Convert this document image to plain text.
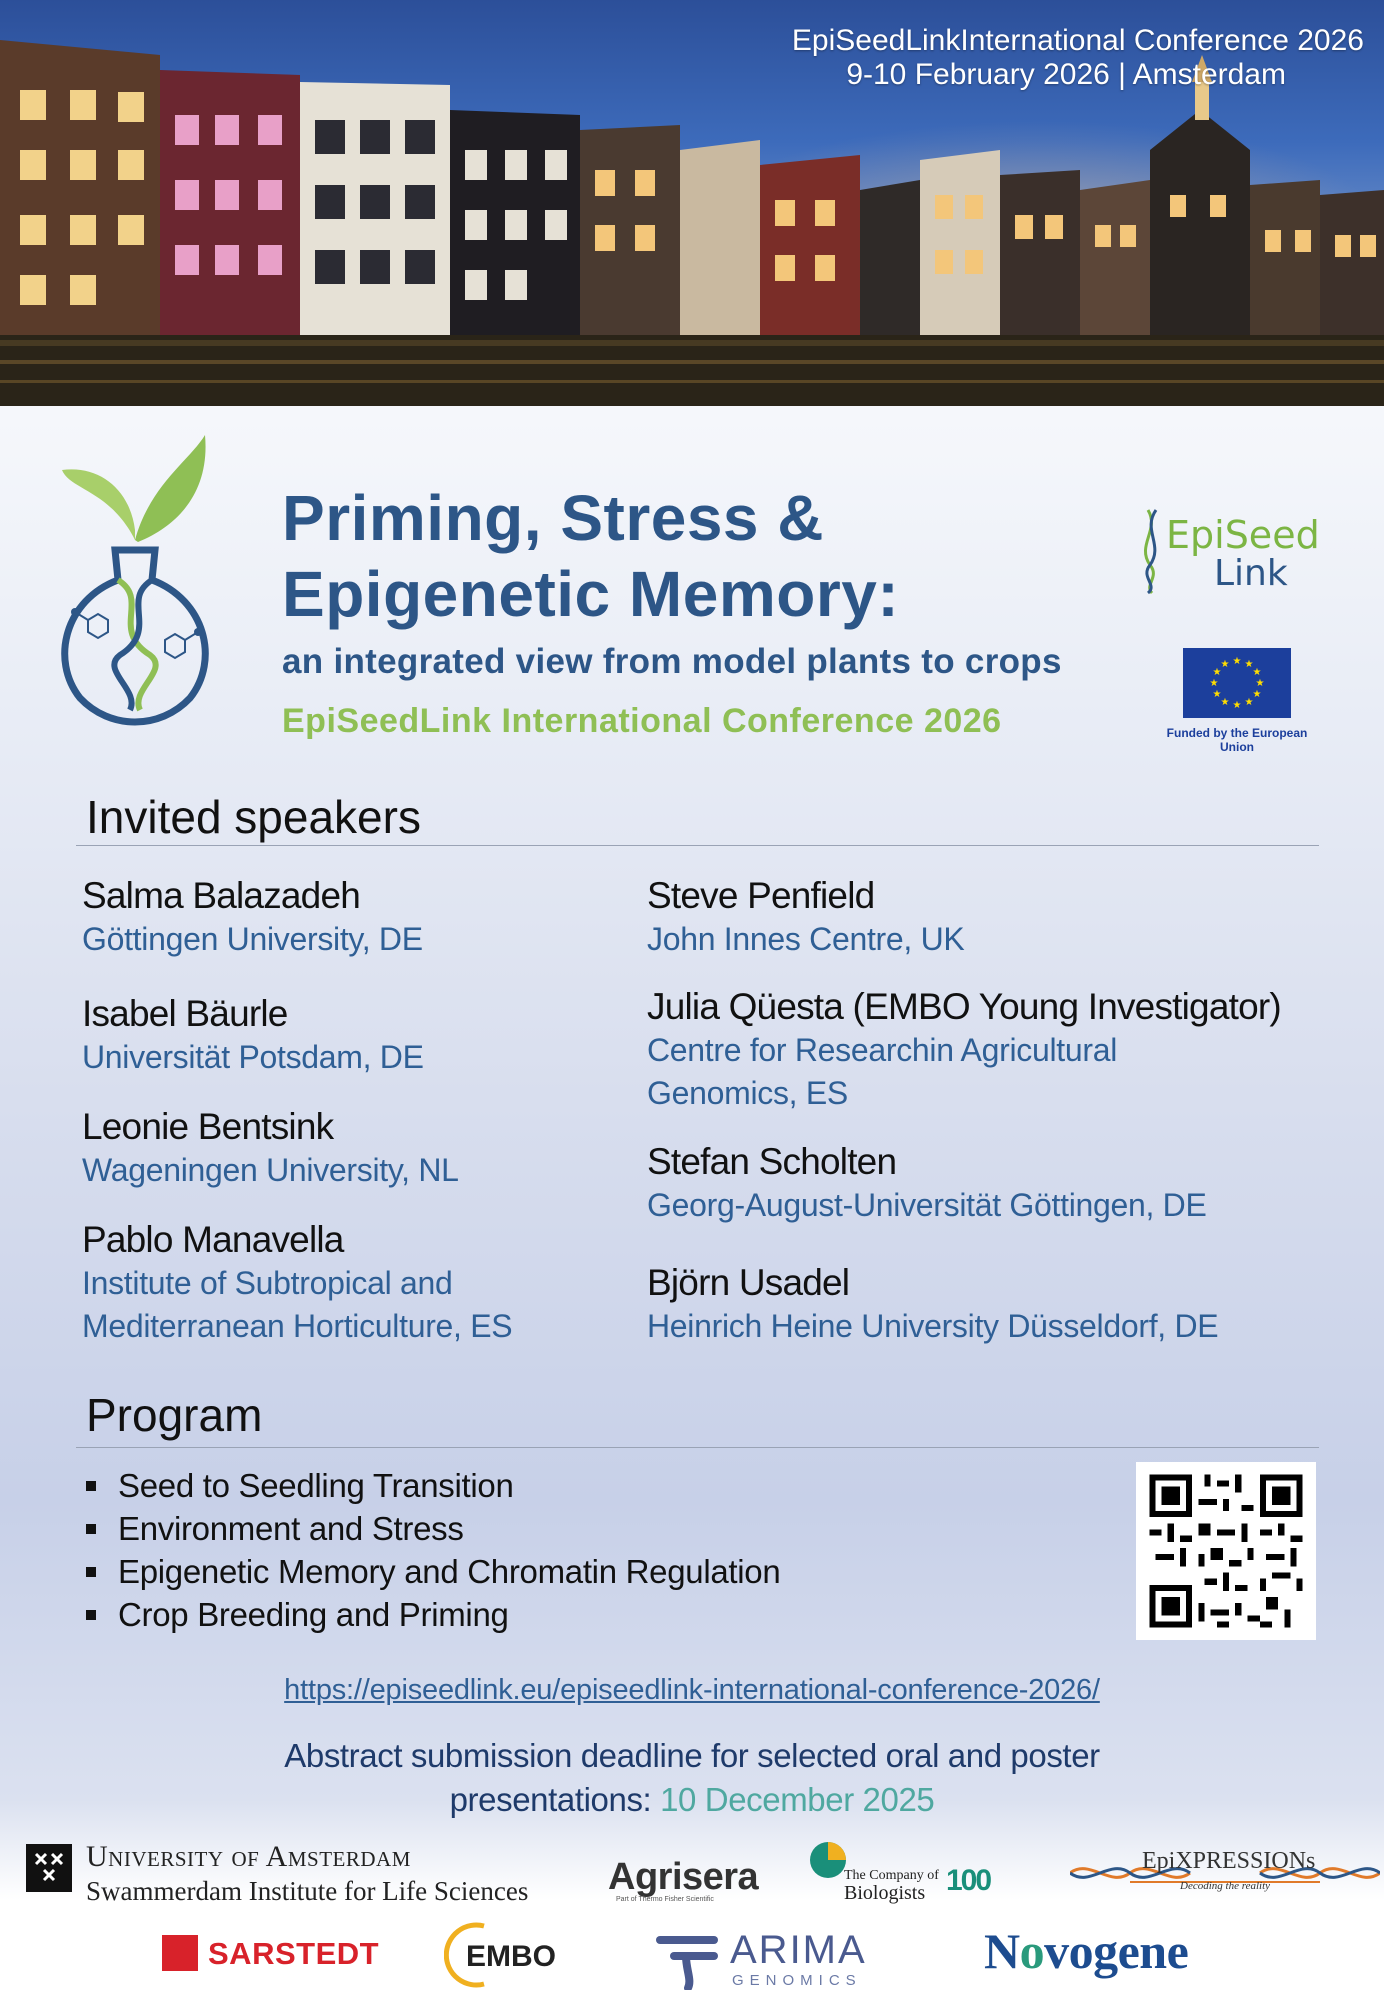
EpiSeedLinkInternational Conference 2026

9-10 February 2026 | Amsterdam
Priming, Stress &
Epigenetic Memory:
an integrated view from model plants to crops
EpiSeedLink International Conference 2026
EpiSeed
Link
★ ★
★
★
★
★
★
★
★
★
★
★
Funded by the European Union
Invited speakers
Salma Balazadeh
Göttingen University, DE
Isabel Bäurle
Universität Potsdam, DE
Leonie Bentsink
Wageningen University, NL
Pablo Manavella
Institute of Subtropical and
Mediterranean Horticulture, ES
Steve Penfield
John Innes Centre, UK
Julia Qüesta (EMBO Young Investigator)
Centre for Researchin Agricultural
Genomics, ES
Stefan Scholten
Georg-August-Universität Göttingen, DE
Björn Usadel
Heinrich Heine University Düsseldorf, DE
Program
Seed to Seedling Transition
Environment and Stress
Epigenetic Memory and Chromatin Regulation
Crop Breeding and Priming
https://episeedlink.eu/episeedlink-international-conference-2026/
Abstract submission deadline for selected oral and poster
presentations: 10 December 2025
University of Amsterdam
Swammerdam Institute for Life Sciences Agrisera
Part of Thermo Fisher Scientific
The Company of
Biologists 100
EpiXPRESSIONs
Decoding the reality
SARSTEDT	EMBO	ARIMA
GENOMICS
Novogene
